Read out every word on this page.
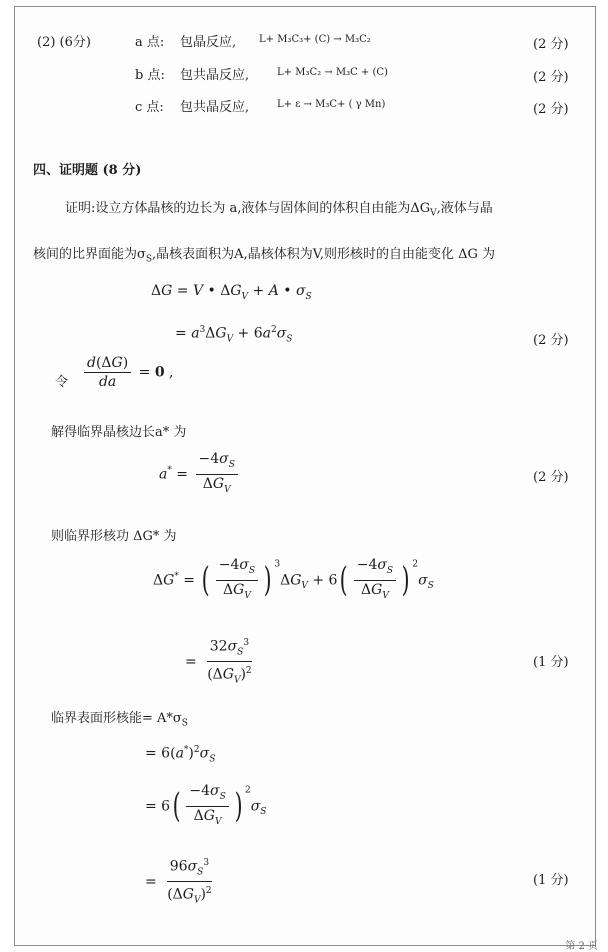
(2) (6分)	a 点: 包晶反应, L+ M₃C₃+ (C) → M₃C₂	(2 分)
b 点: 包共晶反应,	L+ M₃C₂ → M₃C + (C)	(2 分)
c 点: 包共晶反应,	L+ ε → M₃C+ ( γ Mn)	(2 分)
四、证明题 (8 分)
证明:设立方体晶核的边长为 a,液体与固体间的体积自由能为$\Delta G_V$,液体与晶
核间的比界面能为$\sigma_S$,晶核表面积为A,晶核体积为V,则形核时的自由能变化 ΔG 为
ΔG = V • $\Delta G_V + A$ • $\sigma_S$
= $a^3\Delta G_V + 6a^2\sigma_S$	(2 分)
令 $\frac{d(\Delta G)}{da} = 0$ ,
解得临界晶核边长a* 为
$a^* = \frac{-4\sigma_S}{\Delta G_V}$	(2 分)
则临界形核功 ΔG* 为
ΔG* = ( $\frac{-4\sigma_S}{\Delta G_V}$ ) $^3\Delta G_V + 6( \frac{-4\sigma_S}{\Delta G_V}$ ) $^2\sigma_S$
= $\frac{32\sigma_S^3}{(\Delta G_V)^2}$	(1 分)
临界表面形核能= $A*\sigma_S$
= $6(a^*)^2\sigma_S$
= $6( \frac{-4\sigma_S}{\Delta G_V}$ ) $^2\sigma_S$
= $\frac{96\sigma_S^3}{(\Delta G_V)^2}$	(1 分)
第 2 页
